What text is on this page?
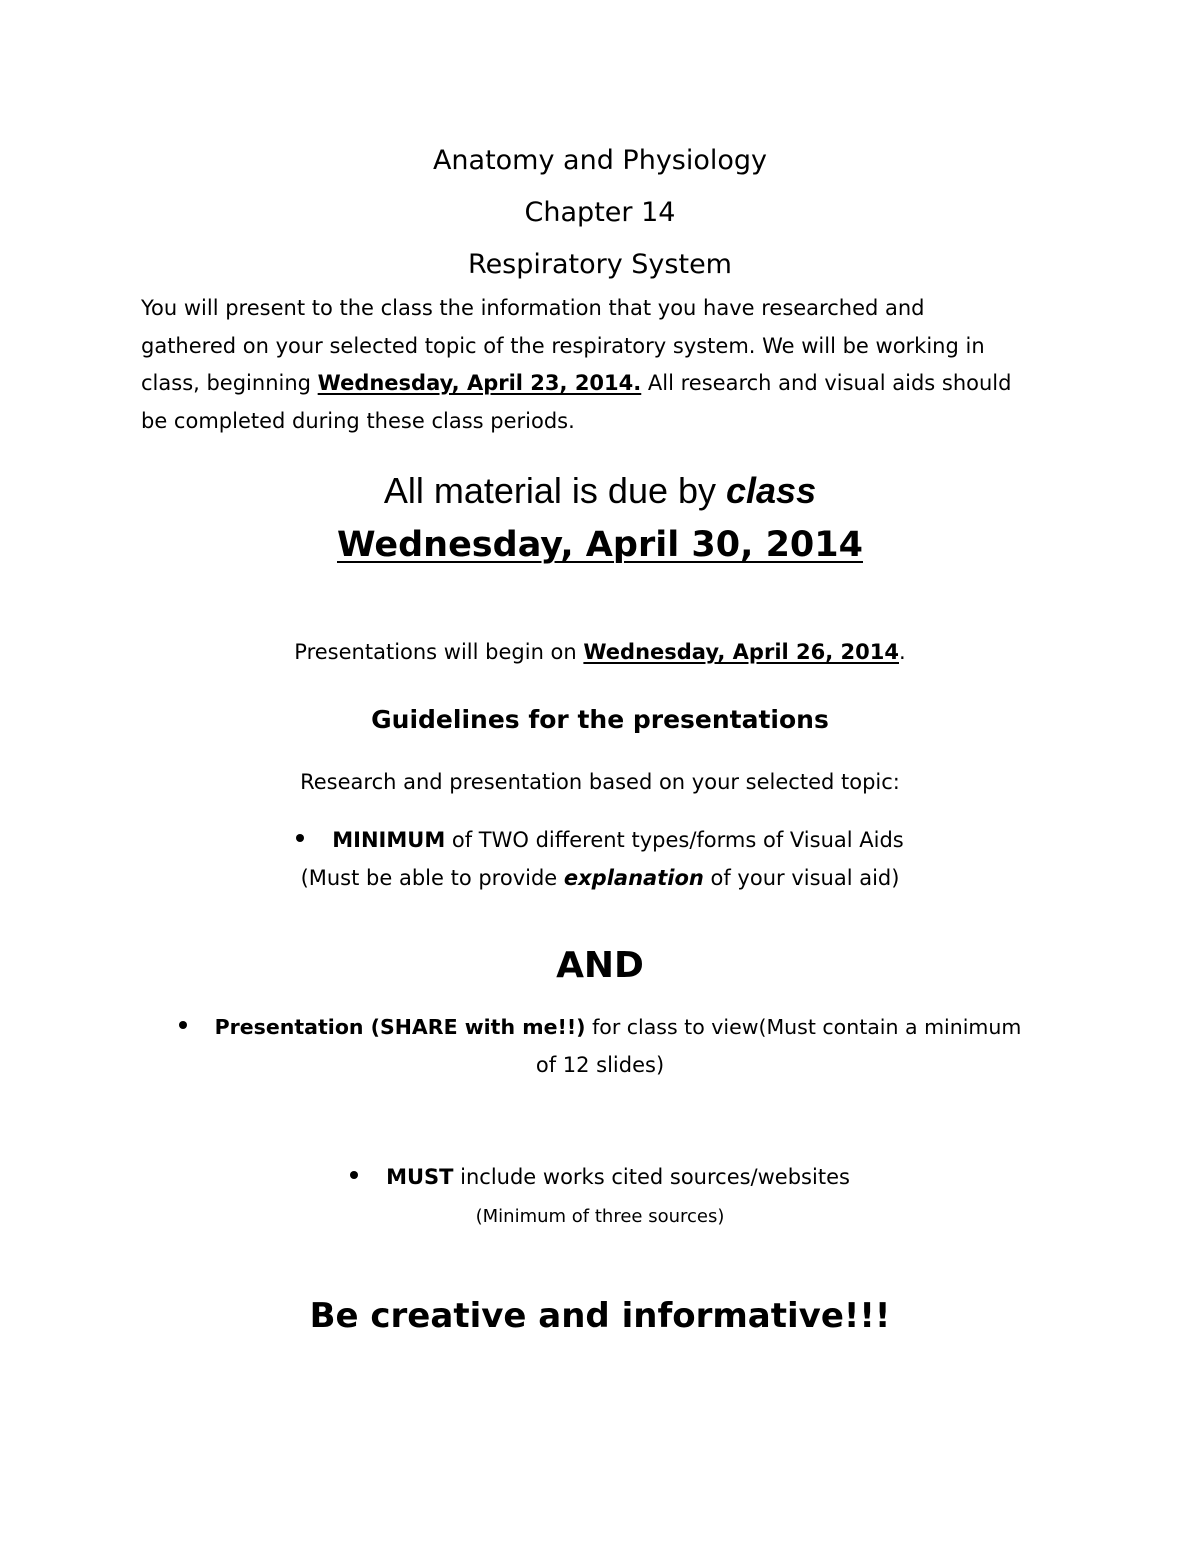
Anatomy and Physiology
Chapter 14
Respiratory System
You will present to the class the information that you have researched and
gathered on your selected topic of the respiratory system. We will be working in
class, beginning Wednesday, April 23, 2014. All research and visual aids should
be completed during these class periods.
All material is due by class
Wednesday, April 30, 2014
Presentations will begin on Wednesday, April 26, 2014.
Guidelines for the presentations
Research and presentation based on your selected topic:
MINIMUM of TWO different types/forms of Visual Aids
(Must be able to provide explanation of your visual aid)
AND
Presentation (SHARE with me!!) for class to view(Must contain a minimum
of 12 slides)
MUST include works cited sources/websites
(Minimum of three sources)
Be creative and informative!!!
